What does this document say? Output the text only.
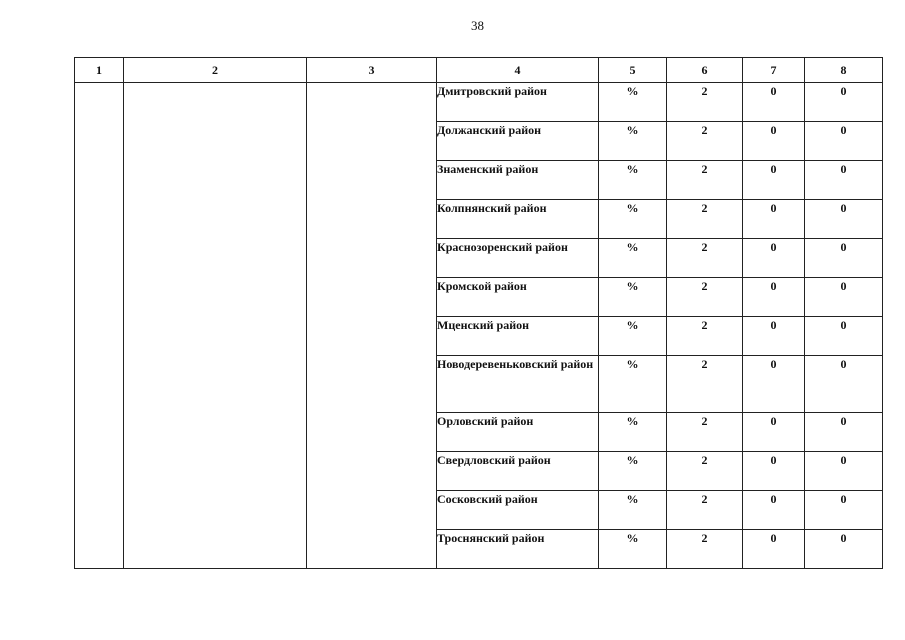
38
1	2	3	4	5	6	7	8
			Дмитровский район	%	2	0	0
			Должанский район	%	2	0	0
			Знаменский район	%	2	0	0
			Колпнянский район	%	2	0	0
			Краснозоренский район	%	2	0	0
			Кромской район	%	2	0	0
			Мценский район	%	2	0	0
			Новодеревеньковский район	%	2	0	0
			Орловский район	%	2	0	0
			Свердловский район	%	2	0	0
			Сосковский район	%	2	0	0
			Троснянский район	%	2	0	0
